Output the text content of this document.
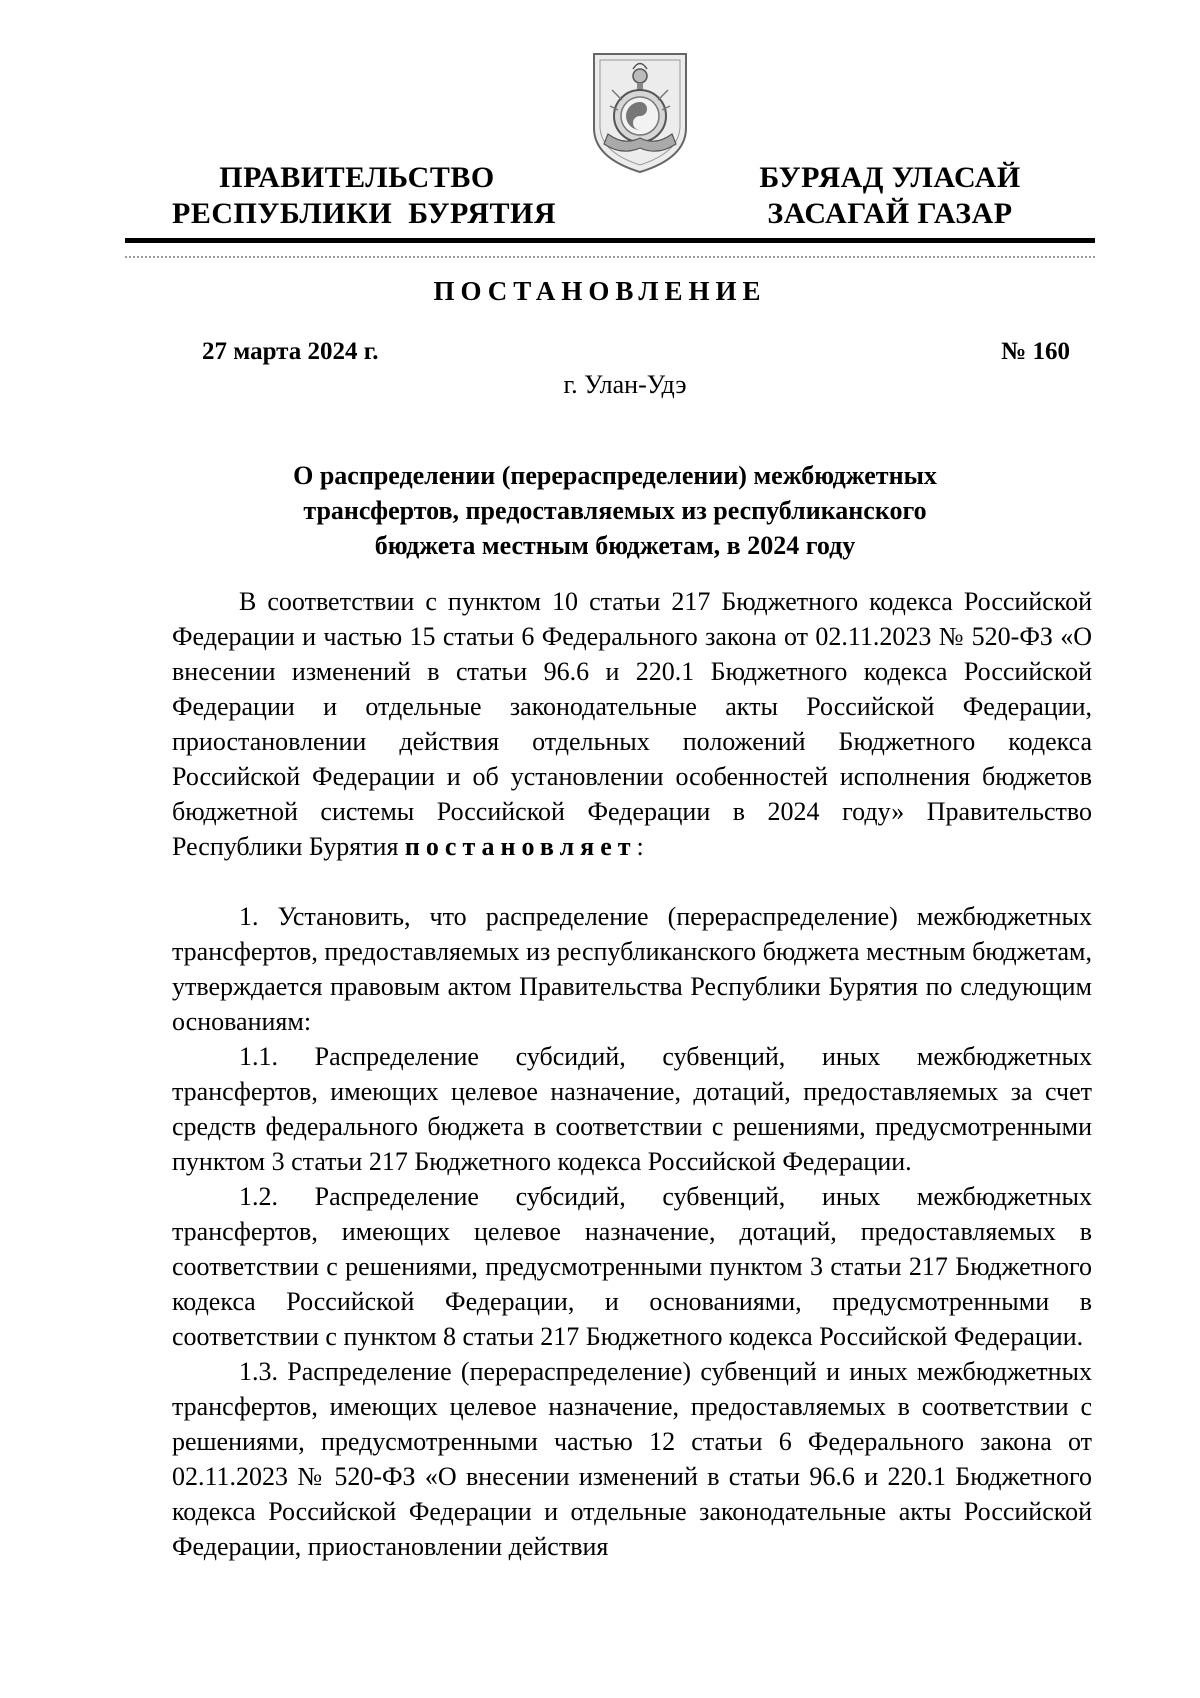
ПРАВИТЕЛЬСТВО
РЕСПУБЛИКИ  БУРЯТИЯ
БУРЯАД УЛАСАЙ
ЗАСАГАЙ ГАЗАР
ПОСТАНОВЛЕНИЕ
27 марта 2024 г.	№ 160
г. Улан-Удэ
О распределении (перераспределении) межбюджетных
трансфертов, предоставляемых из республиканского
бюджета местным бюджетам, в 2024 году

В соответствии с пунктом 10 статьи 217 Бюджетного кодекса Российской Федерации и частью 15 статьи 6 Федерального закона от 02.11.2023 № 520-ФЗ «О внесении изменений в статьи 96.6 и 220.1 Бюджетного кодекса Российской Федерации и отдельные законодательные акты Российской Федерации, приостановлении действия отдельных положений Бюджетного кодекса Российской Федерации и об установлении особенностей исполнения бюджетов бюджетной системы Российской Федерации в 2024 году» Правительство Республики Бурятия постановляет:

1. Установить, что распределение (перераспределение) межбюджетных трансфертов, предоставляемых из республиканского бюджета местным бюджетам, утверждается правовым актом Правительства Республики Бурятия по следующим основаниям:

1.1. Распределение субсидий, субвенций, иных межбюджетных трансфертов, имеющих целевое назначение, дотаций, предоставляемых за счет средств федерального бюджета в соответствии с решениями, предусмотренными пунктом 3 статьи 217 Бюджетного кодекса Российской Федерации.

1.2. Распределение субсидий, субвенций, иных межбюджетных трансфертов, имеющих целевое назначение, дотаций, предоставляемых в соответствии с решениями, предусмотренными пунктом 3 статьи 217 Бюджетного кодекса Российской Федерации, и основаниями, предусмотренными в соответствии с пунктом 8 статьи 217 Бюджетного кодекса Российской Федерации.

1.3. Распределение (перераспределение) субвенций и иных межбюджетных трансфертов, имеющих целевое назначение, предоставляемых в соответствии с решениями, предусмотренными частью 12 статьи 6 Федерального закона от 02.11.2023 № 520-ФЗ «О внесении изменений в статьи 96.6 и 220.1 Бюджетного кодекса Российской Федерации и отдельные законодательные акты Российской Федерации, приостановлении действия
